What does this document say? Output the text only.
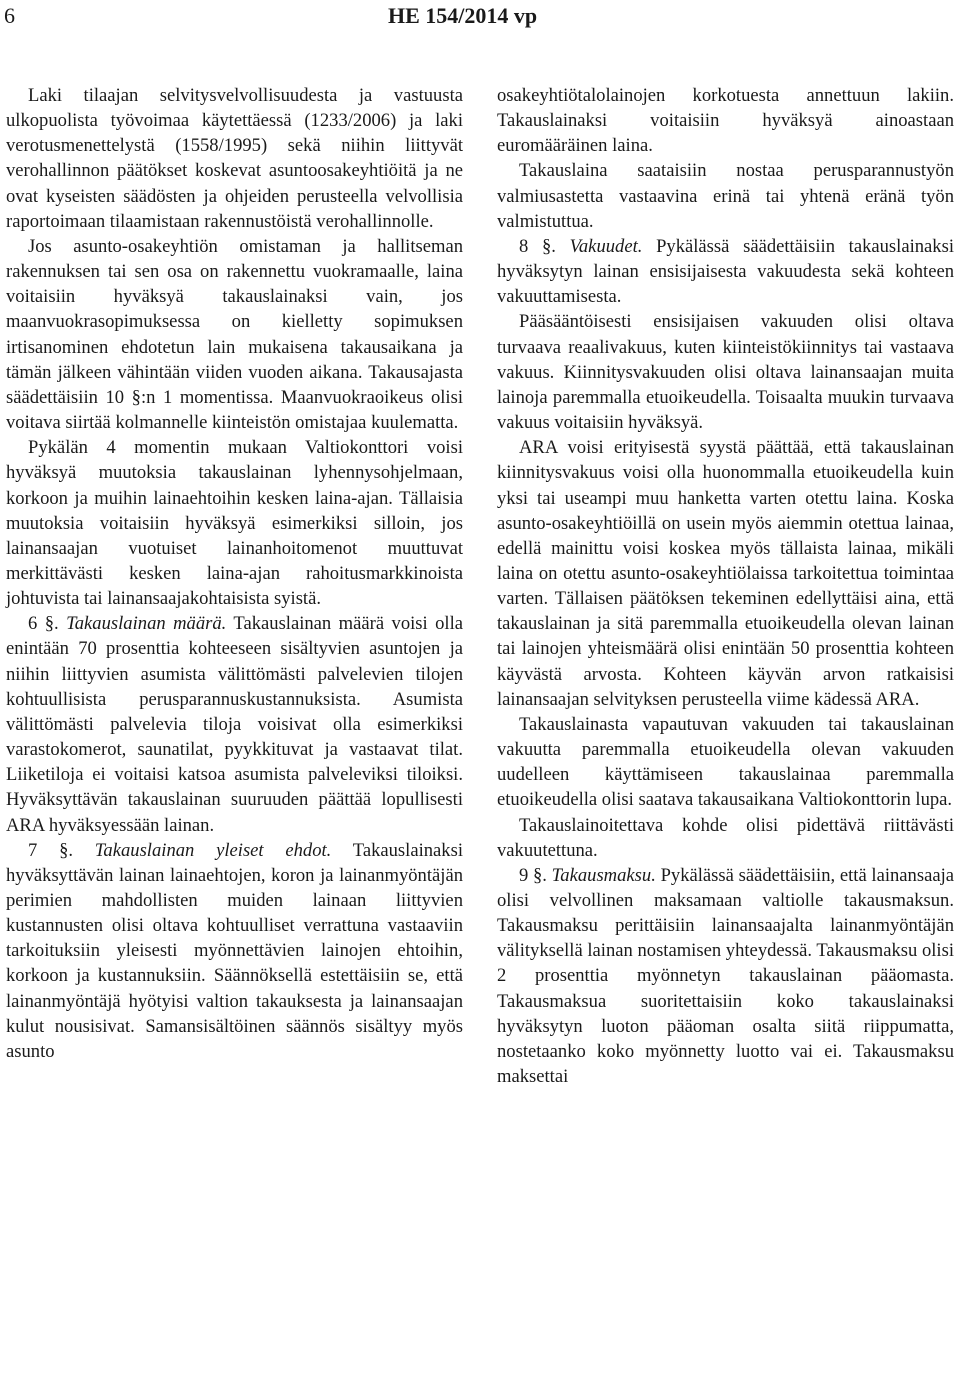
6	HE 154/2014 vp

Laki tilaajan selvitysvelvollisuudesta ja vastuusta ulkopuolista työvoimaa käytettäessä (1233/2006) ja laki verotusmenettelystä (1558/1995) sekä niihin liittyvät verohallinnon päätökset koskevat asuntoosakeyhtiöitä ja ne ovat kyseisten säädösten ja ohjeiden perusteella velvollisia raportoimaan tilaamistaan rakennustöistä verohallinnolle.

Jos asunto-osakeyhtiön omistaman ja hallitseman rakennuksen tai sen osa on rakennettu vuokramaalle, laina voitaisiin hyväksyä takauslainaksi vain, jos maanvuokrasopimuksessa on kielletty sopimuksen irtisanominen ehdotetun lain mukaisena takausaikana ja tämän jälkeen vähintään viiden vuoden aikana. Takausajasta säädettäisiin 10 §:n 1 momentissa. Maanvuokraoikeus olisi voitava siirtää kolmannelle kiinteistön omistajaa kuulematta.

Pykälän 4 momentin mukaan Valtiokonttori voisi hyväksyä muutoksia takauslainan lyhennysohjelmaan, korkoon ja muihin lainaehtoihin kesken laina-ajan. Tällaisia muutoksia voitaisiin hyväksyä esimerkiksi silloin, jos lainansaajan vuotuiset lainanhoitomenot muuttuvat merkittävästi kesken laina-ajan rahoitusmarkkinoista johtuvista tai lainansaajakohtaisista syistä.

6 §. Takauslainan määrä. Takauslainan määrä voisi olla enintään 70 prosenttia kohteeseen sisältyvien asuntojen ja niihin liittyvien asumista välittömästi palvelevien tilojen kohtuullisista perusparannuskustannuksista. Asumista välittömästi palvelevia tiloja voisivat olla esimerkiksi varastokomerot, saunatilat, pyykkituvat ja vastaavat tilat. Liiketiloja ei voitaisi katsoa asumista palveleviksi tiloiksi. Hyväksyttävän takauslainan suuruuden päättää lopullisesti ARA hyväksyessään lainan.

7 §. Takauslainan yleiset ehdot. Takauslainaksi hyväksyttävän lainan lainaehtojen, koron ja lainanmyöntäjän perimien mahdollisten muiden lainaan liittyvien kustannusten olisi oltava kohtuulliset verrattuna vastaaviin tarkoituksiin yleisesti myönnettävien lainojen ehtoihin, korkoon ja kustannuksiin. Säännöksellä estettäisiin se, että lainanmyöntäjä hyötyisi valtion takauksesta ja lainansaajan kulut nousisivat. Samansisältöinen säännös sisältyy myös asunto

osakeyhtiötalolainojen korkotuesta annettuun lakiin. Takauslainaksi voitaisiin hyväksyä ainoastaan euromääräinen laina.

Takauslaina saataisiin nostaa perusparannustyön valmiusastetta vastaavina erinä tai yhtenä eränä työn valmistuttua.

8 §. Vakuudet. Pykälässä säädettäisiin takauslainaksi hyväksytyn lainan ensisijaisesta vakuudesta sekä kohteen vakuuttamisesta.

Pääsääntöisesti ensisijaisen vakuuden olisi oltava turvaava reaalivakuus, kuten kiinteistökiinnitys tai vastaava vakuus. Kiinnitysvakuuden olisi oltava lainansaajan muita lainoja paremmalla etuoikeudella. Toisaalta muukin turvaava vakuus voitaisiin hyväksyä.

ARA voisi erityisestä syystä päättää, että takauslainan kiinnitysvakuus voisi olla huonommalla etuoikeudella kuin yksi tai useampi muu hanketta varten otettu laina. Koska asunto-osakeyhtiöillä on usein myös aiemmin otettua lainaa, edellä mainittu voisi koskea myös tällaista lainaa, mikäli laina on otettu asunto-osakeyhtiölaissa tarkoitettua toimintaa varten. Tällaisen päätöksen tekeminen edellyttäisi aina, että takauslainan ja sitä paremmalla etuoikeudella olevan lainan tai lainojen yhteismäärä olisi enintään 50 prosenttia kohteen käyvästä arvosta. Kohteen käyvän arvon ratkaisisi lainansaajan selvityksen perusteella viime kädessä ARA.

Takauslainasta vapautuvan vakuuden tai takauslainan vakuutta paremmalla etuoikeudella olevan vakuuden uudelleen käyttämiseen takauslainaa paremmalla etuoikeudella olisi saatava takausaikana Valtiokonttorin lupa.

Takauslainoitettava kohde olisi pidettävä riittävästi vakuutettuna.

9 §. Takausmaksu. Pykälässä säädettäisiin, että lainansaaja olisi velvollinen maksamaan valtiolle takausmaksun. Takausmaksu perittäisiin lainansaajalta lainanmyöntäjän välityksellä lainan nostamisen yhteydessä. Takausmaksu olisi 2 prosenttia myönnetyn takauslainan pääomasta. Takausmaksua suoritettaisiin koko takauslainaksi hyväksytyn luoton pääoman osalta siitä riippumatta, nostetaanko koko myönnetty luotto vai ei. Takausmaksu maksettai
